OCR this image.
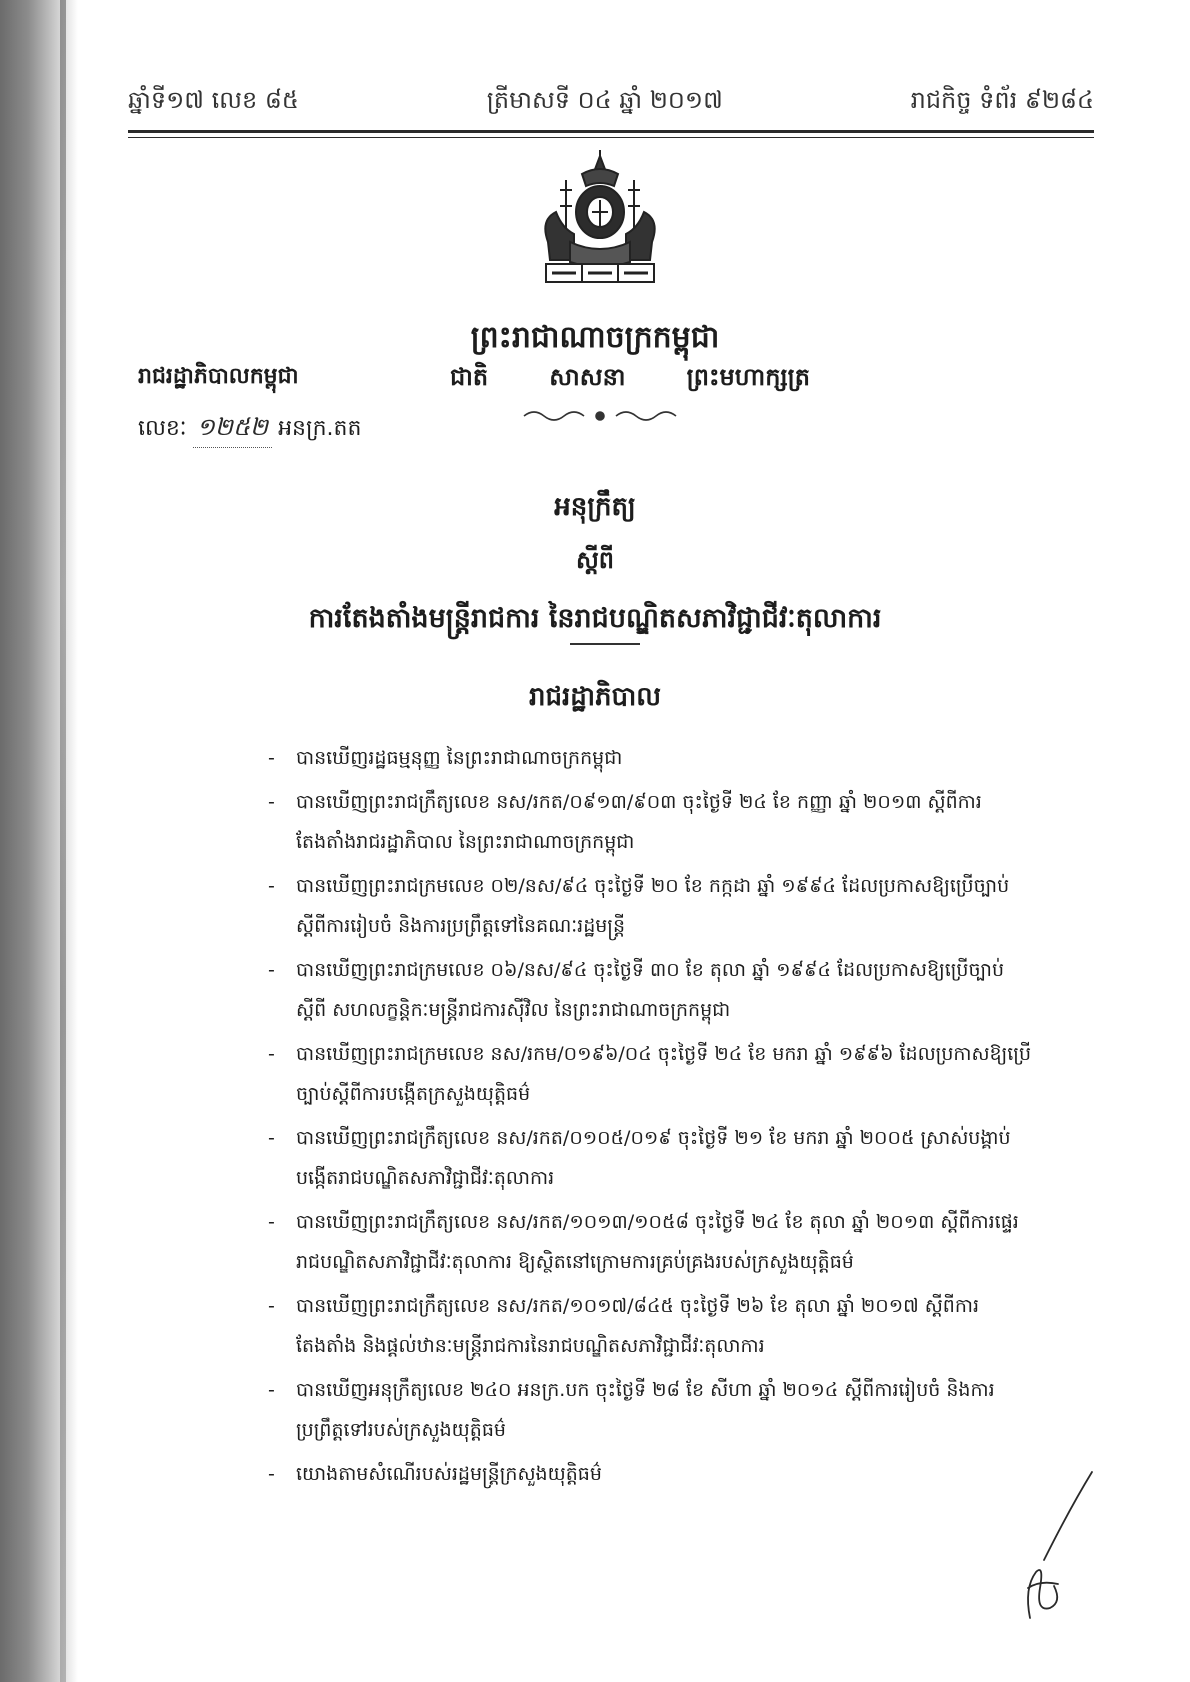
ឆ្នាំទី១៧ លេខ ៨៥	ត្រីមាសទី ០៤ ឆ្នាំ ២០១៧	រាជកិច្ច ទំព័រ ៩២៨៤
ព្រះរាជាណាចក្រកម្ពុជា
រាជរដ្ឋាភិបាលកម្ពុជា
លេខៈ ១២៥២ អនក្រ.តត
ជាតិ	សាសនា	ព្រះមហាក្សត្រ
អនុក្រឹត្យ
ស្តីពី
ការតែងតាំងមន្ត្រីរាជការ នៃរាជបណ្ឌិតសភាវិជ្ជាជីវៈតុលាការ
រាជរដ្ឋាភិបាល
- បានឃើញរដ្ឋធម្មនុញ្ញ នៃព្រះរាជាណាចក្រកម្ពុជា
- បានឃើញព្រះរាជក្រឹត្យលេខ នស/រកត/០៩១៣/៩០៣ ចុះថ្ងៃទី ២៤ ខែ កញ្ញា ឆ្នាំ ២០១៣ ស្តីពីការតែងតាំងរាជរដ្ឋាភិបាល នៃព្រះរាជាណាចក្រកម្ពុជា
- បានឃើញព្រះរាជក្រមលេខ ០២/នស/៩៤ ចុះថ្ងៃទី ២០ ខែ កក្កដា ឆ្នាំ ១៩៩៤ ដែលប្រកាសឱ្យប្រើច្បាប់ស្តីពីការរៀបចំ និងការប្រព្រឹត្តទៅនៃគណៈរដ្ឋមន្ត្រី
- បានឃើញព្រះរាជក្រមលេខ ០៦/នស/៩៤ ចុះថ្ងៃទី ៣០ ខែ តុលា ឆ្នាំ ១៩៩៤ ដែលប្រកាសឱ្យប្រើច្បាប់ ស្តីពី សហលក្ខន្តិកៈមន្ត្រីរាជការស៊ីវិល នៃព្រះរាជាណាចក្រកម្ពុជា
- បានឃើញព្រះរាជក្រមលេខ នស/រកម/០១៩៦/០៤ ចុះថ្ងៃទី ២៤ ខែ មករា ឆ្នាំ ១៩៩៦ ដែលប្រកាសឱ្យប្រើច្បាប់ស្តីពីការបង្កើតក្រសួងយុត្តិធម៌
- បានឃើញព្រះរាជក្រឹត្យលេខ នស/រកត/០១០៥/០១៩ ចុះថ្ងៃទី ២១ ខែ មករា ឆ្នាំ ២០០៥ ស្រាស់បង្គាប់បង្កើតរាជបណ្ឌិតសភាវិជ្ជាជីវៈតុលាការ
- បានឃើញព្រះរាជក្រឹត្យលេខ នស/រកត/១០១៣/១០៥៨ ចុះថ្ងៃទី ២៤ ខែ តុលា ឆ្នាំ ២០១៣ ស្តីពីការផ្ទេររាជបណ្ឌិតសភាវិជ្ជាជីវៈតុលាការ ឱ្យស្ថិតនៅក្រោមការគ្រប់គ្រងរបស់ក្រសួងយុត្តិធម៌
- បានឃើញព្រះរាជក្រឹត្យលេខ នស/រកត/១០១៧/៨៤៥ ចុះថ្ងៃទី ២៦ ខែ តុលា ឆ្នាំ ២០១៧ ស្តីពីការតែងតាំង និងផ្តល់ឋានៈមន្ត្រីរាជការនៃរាជបណ្ឌិតសភាវិជ្ជាជីវៈតុលាការ
- បានឃើញអនុក្រឹត្យលេខ ២៤០ អនក្រ.បក ចុះថ្ងៃទី ២៨ ខែ សីហា ឆ្នាំ ២០១៤ ស្តីពីការរៀបចំ និងការប្រព្រឹត្តទៅរបស់ក្រសួងយុត្តិធម៌
- យោងតាមសំណើរបស់រដ្ឋមន្ត្រីក្រសួងយុត្តិធម៌
